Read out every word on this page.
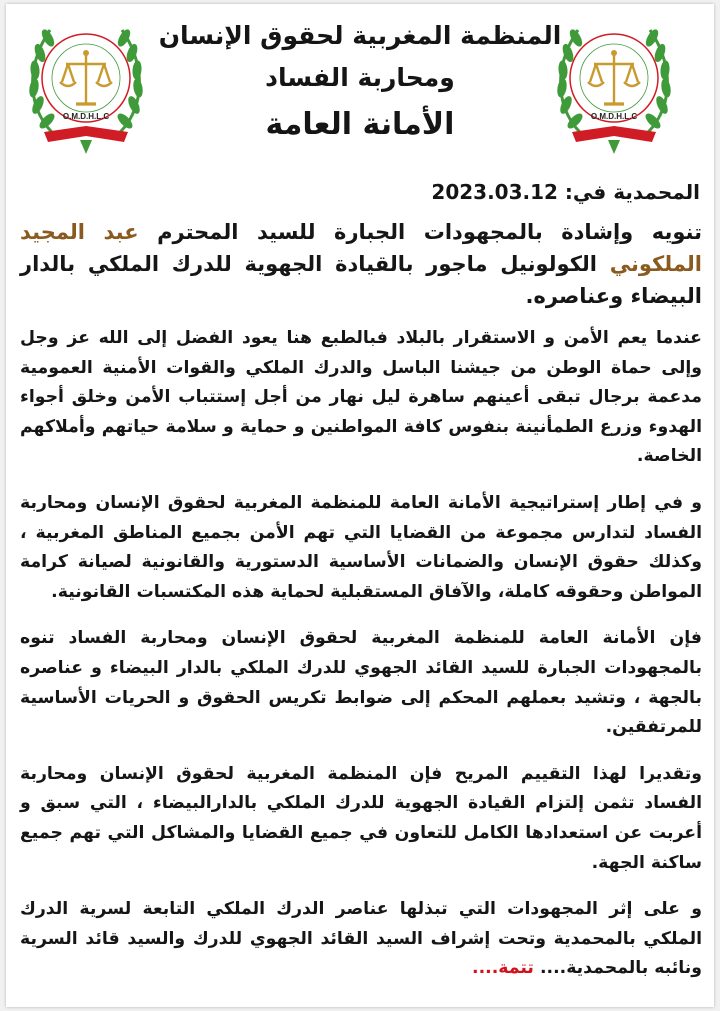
O.M.D.H.L.C	O.M.D.H.L.C
المنظمة المغربية لحقوق الإنسان
ومحاربة الفساد
الأمانة العامة
المحمدية في: 2023.03.12

تنويه وإشادة بالمجهودات الجبارة للسيد المحترم عبد المجيد الملكوني الكولونيل ماجور بالقيادة الجهوية للدرك الملكي بالدار البيضاء وعناصره.

عندما يعم الأمن و الاستقرار بالبلاد فبالطبع هنا يعود الفضل إلى الله عز وجل وإلى حماة الوطن من جيشنا الباسل والدرك الملكي والقوات الأمنية العمومية مدعمة برجال تبقى أعينهم ساهرة ليل نهار من أجل إستتباب الأمن وخلق أجواء الهدوء وزرع الطمأنينة بنفوس كافة المواطنين و حماية و سلامة حياتهم وأملاكهم الخاصة.

و في إطار إستراتيجية الأمانة العامة للمنظمة المغربية لحقوق الإنسان ومحاربة الفساد لتدارس مجموعة من القضايا التي تهم الأمن بجميع المناطق المغربية ، وكذلك حقوق الإنسان والضمانات الأساسية الدستورية والقانونية لصيانة كرامة المواطن وحقوقه كاملة، والآفاق المستقبلية لحماية هذه المكتسبات القانونية.

فإن الأمانة العامة للمنظمة المغربية لحقوق الإنسان ومحاربة الفساد تنوه بالمجهودات الجبارة للسيد القائد الجهوي للدرك الملكي بالدار البيضاء و عناصره بالجهة ، وتشيد بعملهم المحكم إلى ضوابط تكريس الحقوق و الحريات الأساسية للمرتفقين.

وتقديرا لهذا التقييم المريح فإن المنظمة المغربية لحقوق الإنسان ومحاربة الفساد تثمن إلتزام القيادة الجهوية للدرك الملكي بالدارالبيضاء ، التي سبق و أعربت عن استعدادها الكامل للتعاون في جميع القضايا والمشاكل التي تهم جميع ساكنة الجهة.

و على إثر المجهودات التي تبذلها عناصر الدرك الملكي التابعة لسرية الدرك الملكي بالمحمدية وتحت إشراف السيد القائد الجهوي للدرك والسيد قائد السرية ونائبه بالمحمدية.... تتمة....
